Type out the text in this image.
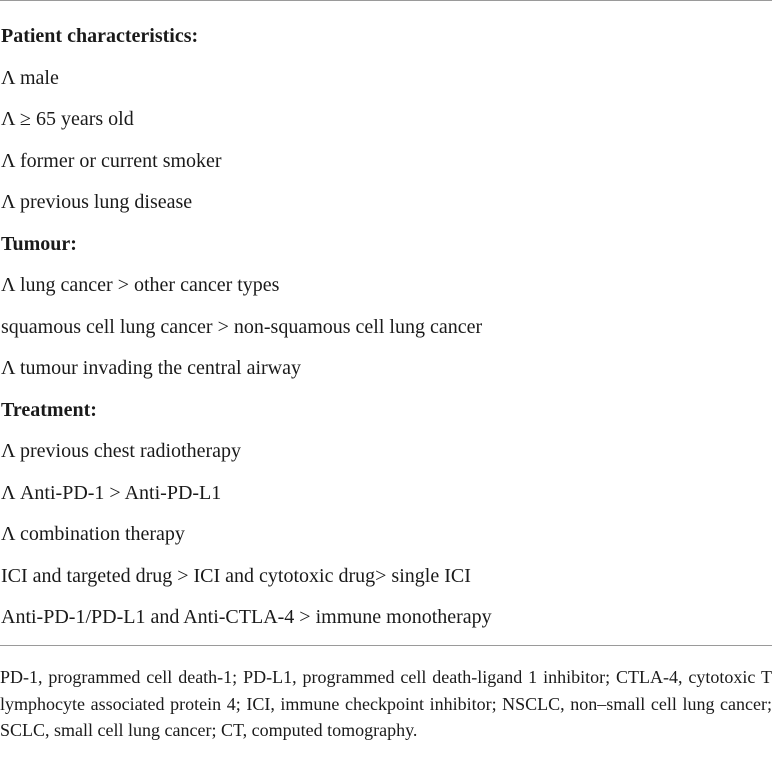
Patient characteristics:
Λ male
Λ ≥ 65 years old
Λ former or current smoker
Λ previous lung disease
Tumour:
Λ lung cancer > other cancer types
squamous cell lung cancer > non-squamous cell lung cancer
Λ tumour invading the central airway
Treatment:
Λ previous chest radiotherapy
Λ Anti-PD-1 > Anti-PD-L1
Λ combination therapy
ICI and targeted drug > ICI and cytotoxic drug> single ICI
Anti-PD-1/PD-L1 and Anti-CTLA-4 > immune monotherapy
PD-1, programmed cell death-1; PD-L1, programmed cell death-ligand 1 inhibitor; CTLA-4, cytotoxic T lymphocyte associated protein 4; ICI, immune checkpoint inhibitor; NSCLC, non–small cell lung cancer; SCLC, small cell lung cancer; CT, computed tomography.
